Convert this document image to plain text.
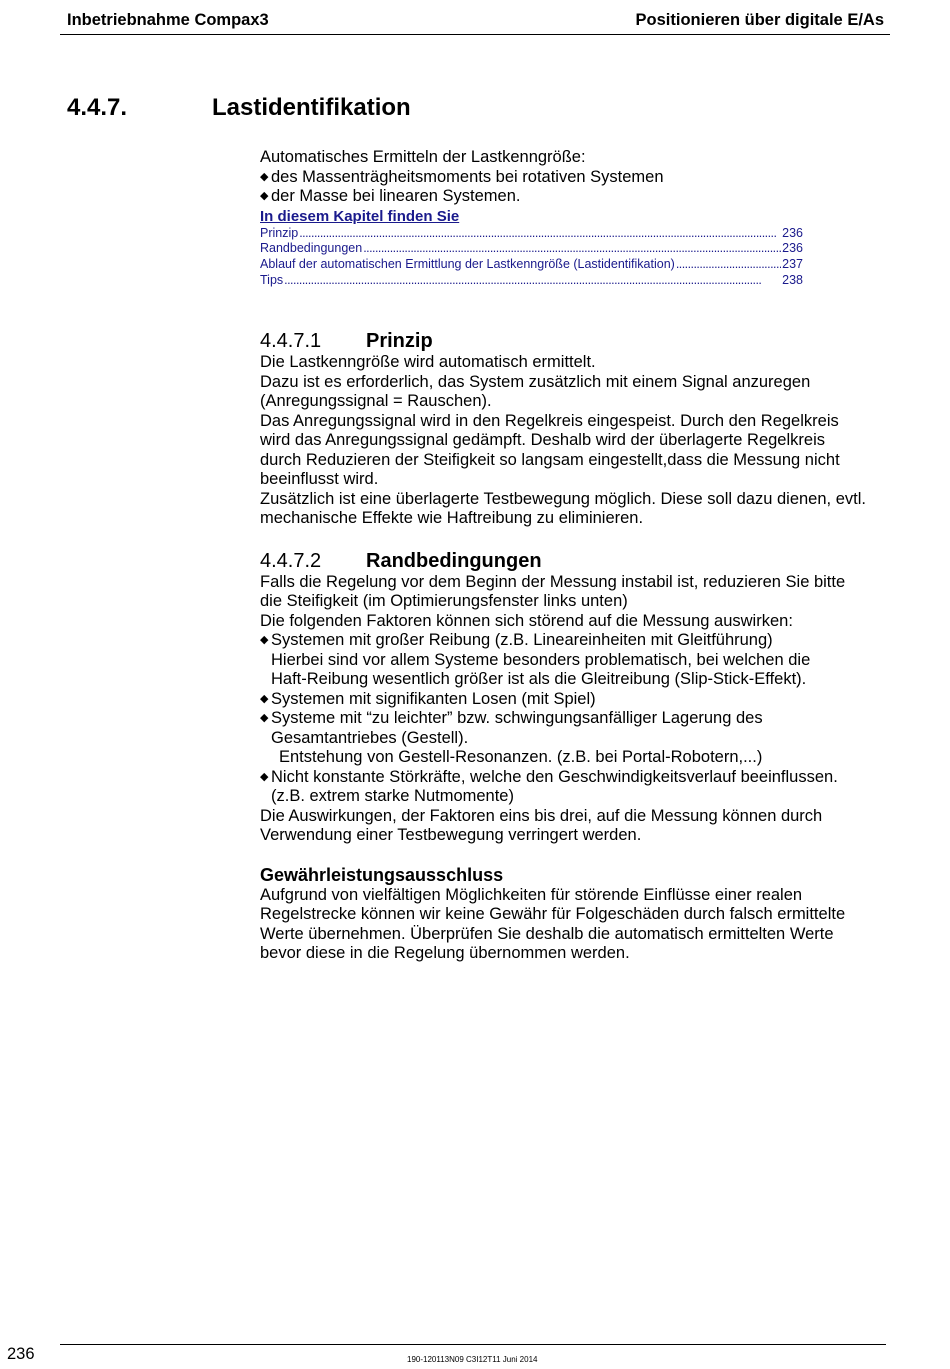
Inbetriebnahme Compax3	Positionieren über digitale E/As
4.4.7.	Lastidentifikation

Automatisches Ermitteln der Lastkenngröße:

◆ des Massenträgheitsmoments bei rotativen Systemen
◆ der Masse bei linearen Systemen.
In diesem Kapitel finden Sie
Prinzip . . .	236
Randbedingungen . . .	236
Ablauf der automatischen Ermittlung der Lastkenngröße (Lastidentifikation) . . .	237
Tips . . .	238
4.4.7.1	Prinzip

Die Lastkenngröße wird automatisch ermittelt.

Dazu ist es erforderlich, das System zusätzlich mit einem Signal anzuregen

(Anregungssignal = Rauschen).

Das Anregungssignal wird in den Regelkreis eingespeist. Durch den Regelkreis

wird das Anregungssignal gedämpft. Deshalb wird der überlagerte Regelkreis

durch Reduzieren der Steifigkeit so langsam eingestellt,dass die Messung nicht

beeinflusst wird.

Zusätzlich ist eine überlagerte Testbewegung möglich. Diese soll dazu dienen, evtl.

mechanische Effekte wie Haftreibung zu eliminieren.

4.4.7.2	Randbedingungen

Falls die Regelung vor dem Beginn der Messung instabil ist, reduzieren Sie bitte

die Steifigkeit (im Optimierungsfenster links unten)

Die folgenden Faktoren können sich störend auf die Messung auswirken:

◆ Systemen mit großer Reibung (z.B. Lineareinheiten mit Gleitführung)

Hierbei sind vor allem Systeme besonders problematisch, bei welchen die

Haft-Reibung wesentlich größer ist als die Gleitreibung (Slip-Stick-Effekt).

◆ Systemen mit signifikanten Losen (mit Spiel)
◆ Systeme mit “zu leichter” bzw. schwingungsanfälliger Lagerung des

Gesamtantriebes (Gestell).

Entstehung von Gestell-Resonanzen. (z.B. bei Portal-Robotern,...)

◆ Nicht konstante Störkräfte, welche den Geschwindigkeitsverlauf beeinflussen.

(z.B. extrem starke Nutmomente)

Die Auswirkungen, der Faktoren eins bis drei, auf die Messung können durch

Verwendung einer Testbewegung verringert werden.

Gewährleistungsausschluss

Aufgrund von vielfältigen Möglichkeiten für störende Einflüsse einer realen

Regelstrecke können wir keine Gewähr für Folgeschäden durch falsch ermittelte

Werte übernehmen. Überprüfen Sie deshalb die automatisch ermittelten Werte

bevor diese in die Regelung übernommen werden.

236	190-120113N09 C3I12T11 Juni 2014
